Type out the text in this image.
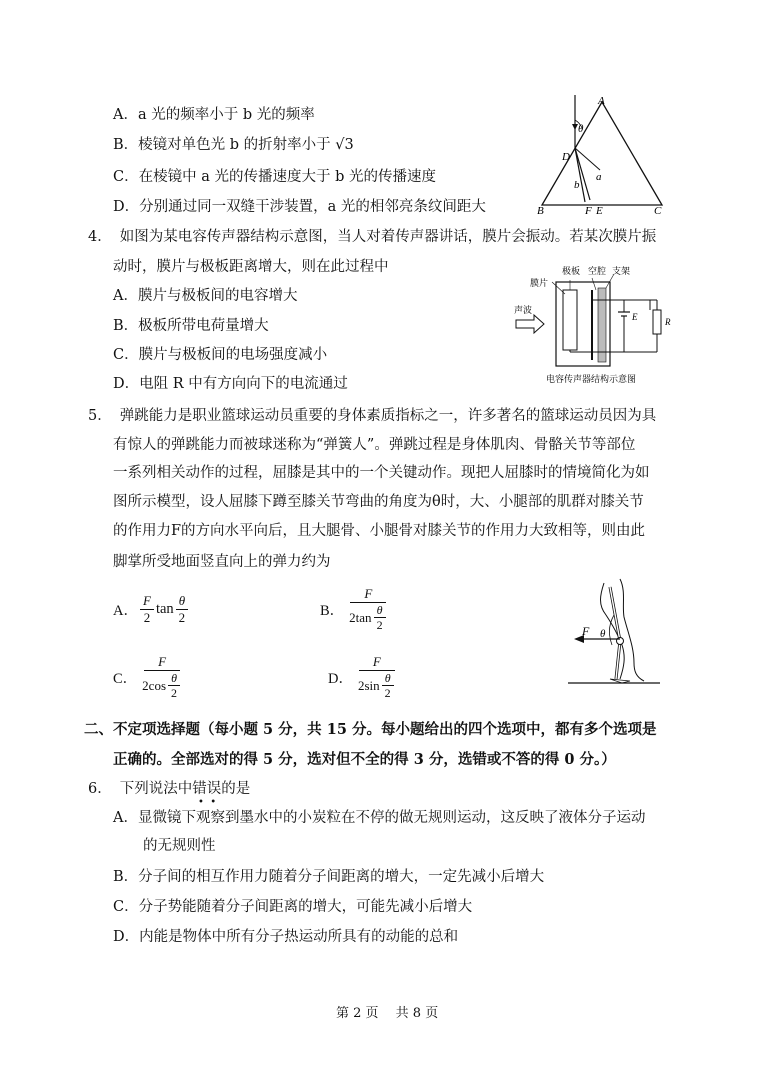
A．a 光的频率小于 b 光的频率
B．棱镜对单色光 b 的折射率小于 √3
C．在棱镜中 a 光的传播速度大于 b 光的传播速度
D．分别通过同一双缝干涉装置，a 光的相邻亮条纹间距大
A
B	C
D
F E
a
b
θ
4． 如图为某电容传声器结构示意图，当人对着传声器讲话，膜片会振动。若某次膜片振
动时，膜片与极板距离增大，则在此过程中
A．膜片与极板间的电容增大
B．极板所带电荷量增大
C．膜片与极板间的电场强度减小
D．电阻 R 中有方向向下的电流通过
极板 空腔 支架
膜片
声波
E	R
电容传声器结构示意图
5． 弹跳能力是职业篮球运动员重要的身体素质指标之一，许多著名的篮球运动员因为具
有惊人的弹跳能力而被球迷称为“弹簧人”。弹跳过程是身体肌肉、骨骼关节等部位
一系列相关动作的过程，屈膝是其中的一个关键动作。现把人屈膝时的情境简化为如
图所示模型，设人屈膝下蹲至膝关节弯曲的角度为θ时，大、小腿部的肌群对膝关节
的作用力F的方向水平向后，且大腿骨、小腿骨对膝关节的作用力大致相等，则由此
脚掌所受地面竖直向上的弹力约为
A． $\frac{F}{2}$ $\tan \frac{\theta}{2}$	B． $\frac{F}{2\tan \frac{\theta}{2}}$
C． $\frac{F}{2\cos \frac{\theta}{2}}$	D． $\frac{F}{2\sin \frac{\theta}{2}}$
F θ
二、不定项选择题（每小题 5 分，共 15 分。每小题给出的四个选项中，都有多个选项是
正确的。全部选对的得 5 分，选对但不全的得 3 分，选错或不答的得 0 分。）
6． 下列说法中错误的是
•  •
A．显微镜下观察到墨水中的小炭粒在不停的做无规则运动，这反映了液体分子运动
的无规则性
B．分子间的相互作用力随着分子间距离的增大，一定先减小后增大
C．分子势能随着分子间距离的增大，可能先减小后增大
D．内能是物体中所有分子热运动所具有的动能的总和
第 2 页　 共 8 页
